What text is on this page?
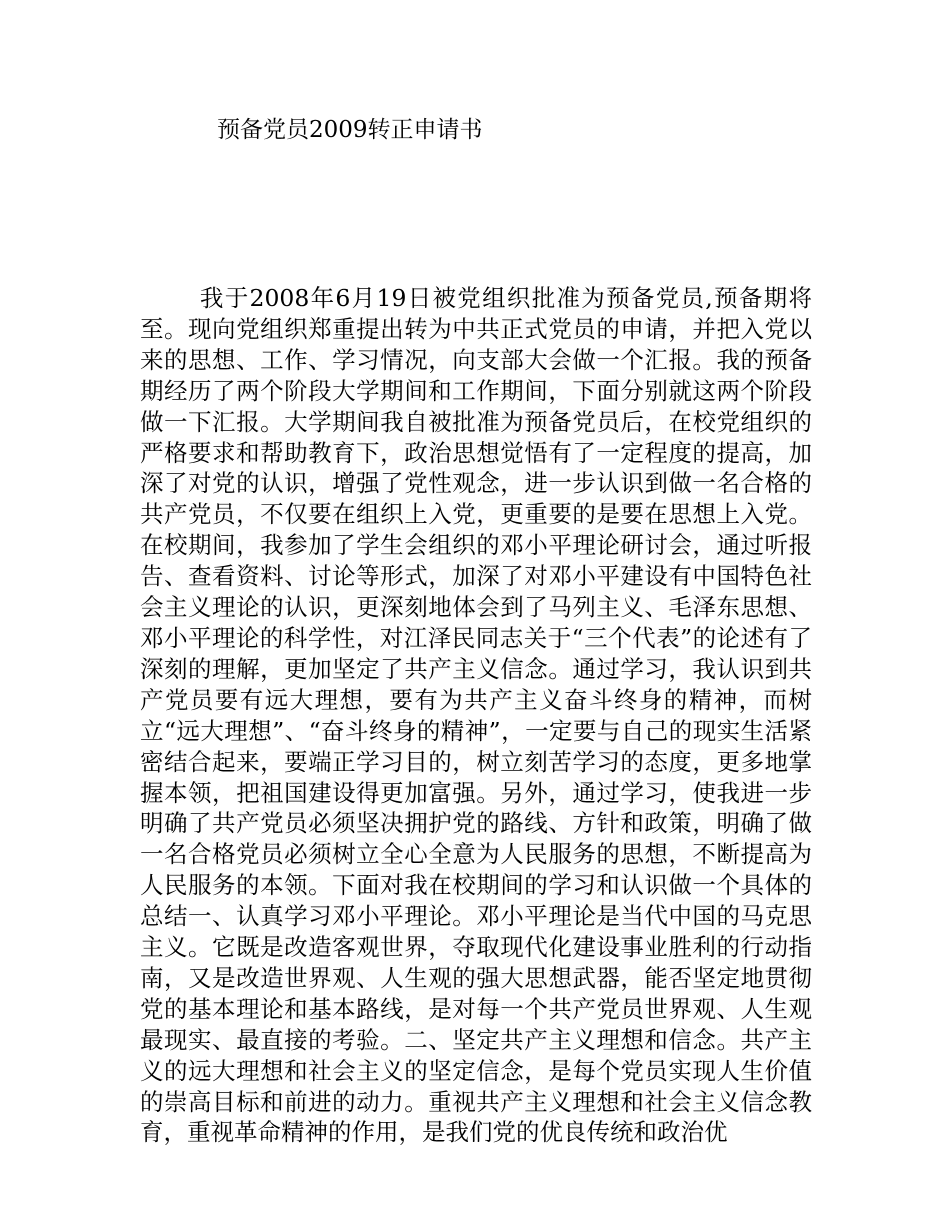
预备党员2009转正申请书

我于2008年6月19日被党组织批准为预备党员,预备期将至。现向党组织郑重提出转为中共正式党员的申请，并把入党以来的思想、工作、学习情况，向支部大会做一个汇报。我的预备期经历了两个阶段大学期间和工作期间，下面分别就这两个阶段做一下汇报。大学期间我自被批准为预备党员后，在校党组织的严格要求和帮助教育下，政治思想觉悟有了一定程度的提高，加深了对党的认识，增强了党性观念，进一步认识到做一名合格的共产党员，不仅要在组织上入党，更重要的是要在思想上入党。在校期间，我参加了学生会组织的邓小平理论研讨会，通过听报告、查看资料、讨论等形式，加深了对邓小平建设有中国特色社会主义理论的认识，更深刻地体会到了马列主义、毛泽东思想、邓小平理论的科学性，对江泽民同志关于“三个代表”的论述有了深刻的理解，更加坚定了共产主义信念。通过学习，我认识到共产党员要有远大理想，要有为共产主义奋斗终身的精神，而树立“远大理想”、“奋斗终身的精神”，一定要与自己的现实生活紧密结合起来，要端正学习目的，树立刻苦学习的态度，更多地掌握本领，把祖国建设得更加富强。另外，通过学习，使我进一步明确了共产党员必须坚决拥护党的路线、方针和政策，明确了做一名合格党员必须树立全心全意为人民服务的思想，不断提高为人民服务的本领。下面对我在校期间的学习和认识做一个具体的总结一、认真学习邓小平理论。邓小平理论是当代中国的马克思主义。它既是改造客观世界，夺取现代化建设事业胜利的行动指南，又是改造世界观、人生观的强大思想武器，能否坚定地贯彻党的基本理论和基本路线，是对每一个共产党员世界观、人生观最现实、最直接的考验。二、坚定共产主义理想和信念。共产主义的远大理想和社会主义的坚定信念，是每个党员实现人生价值的崇高目标和前进的动力。重视共产主义理想和社会主义信念教育，重视革命精神的作用，是我们党的优良传统和政治优
